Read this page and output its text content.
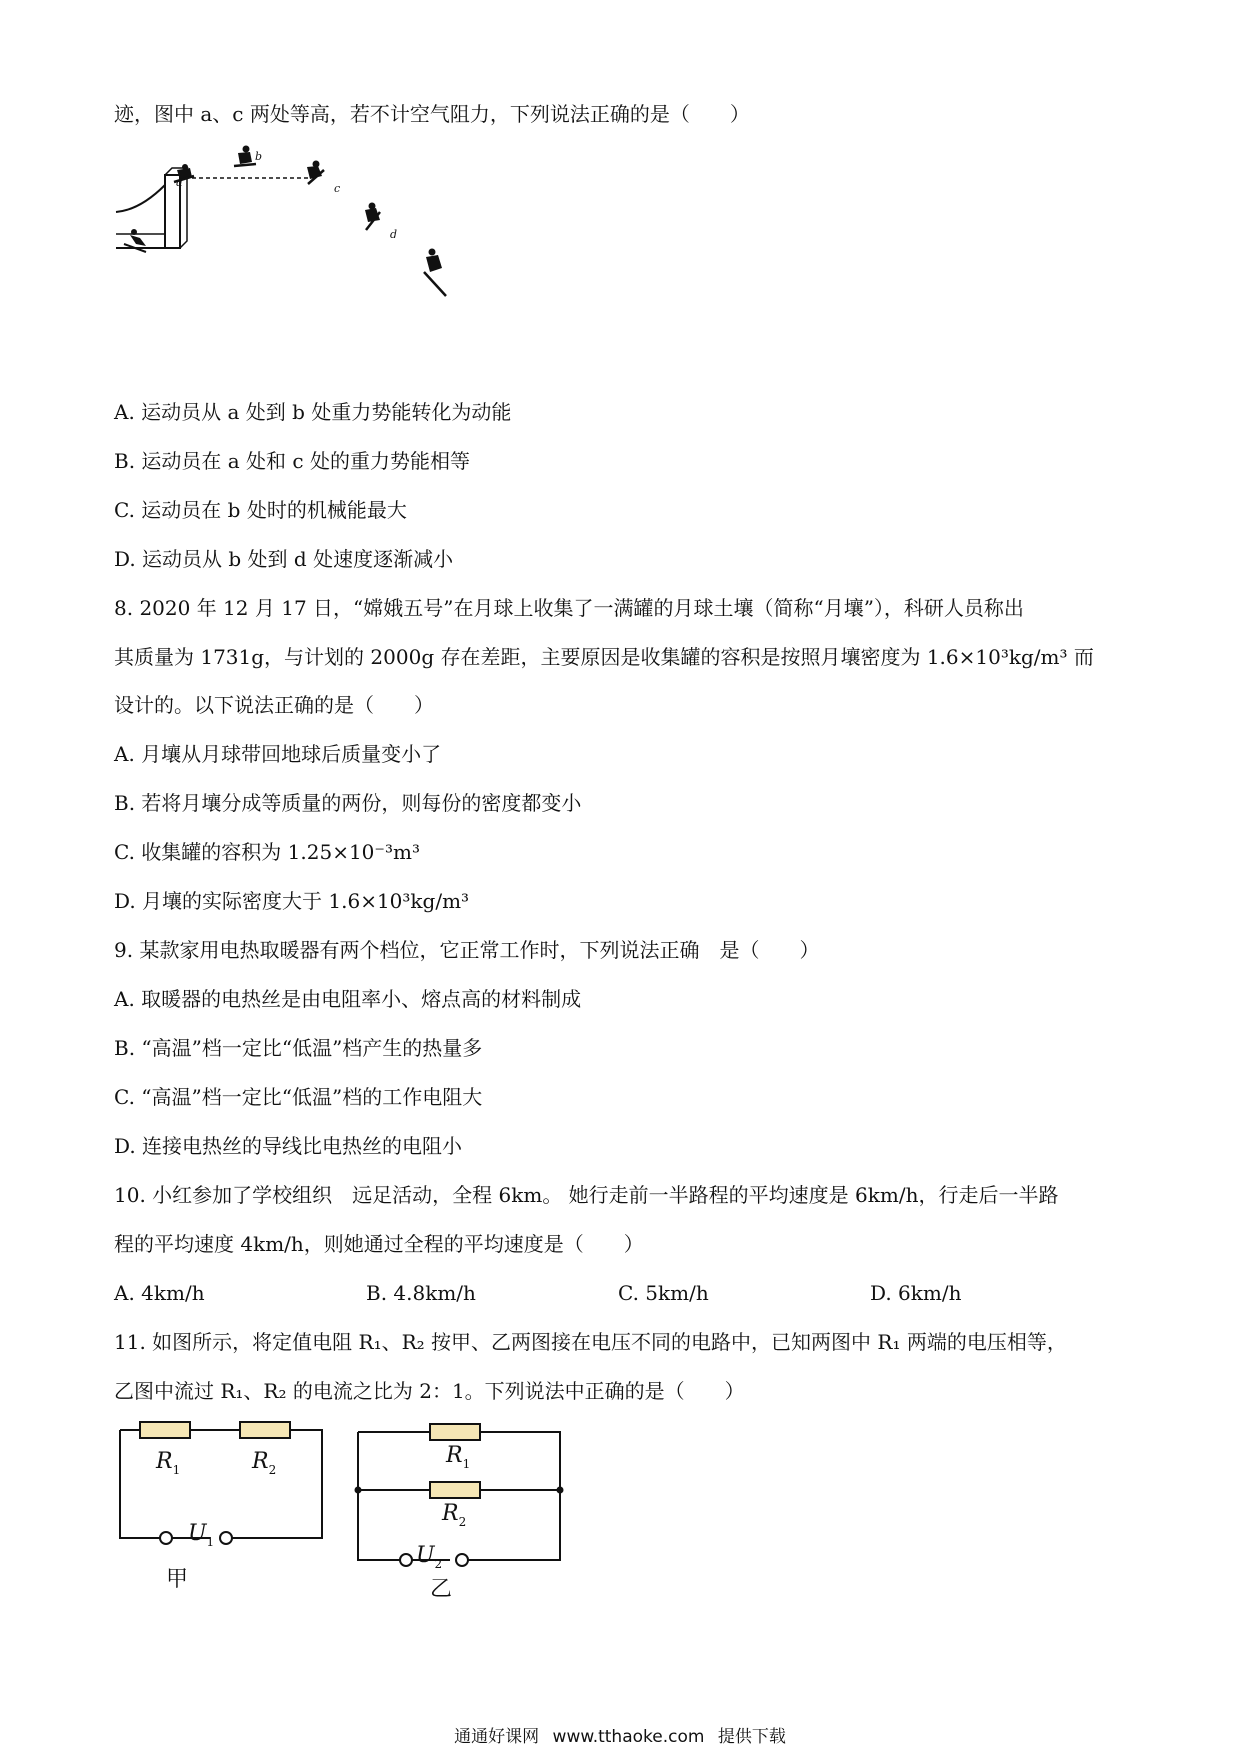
迹，图中 a、c 两处等高，若不计空气阻力，下列说法正确的是（　　）
a
b
c
d
A. 运动员从 a 处到 b 处重力势能转化为动能
B. 运动员在 a 处和 c 处的重力势能相等
C. 运动员在 b 处时的机械能最大
D. 运动员从 b 处到 d 处速度逐渐减小
8. 2020 年 12 月 17 日，“嫦娥五号”在月球上收集了一满罐的月球土壤（简称“月壤”），科研人员称出
其质量为 1731g，与计划的 2000g 存在差距，主要原因是收集罐的容积是按照月壤密度为 1.6×10³kg/m³ 而
设计的。以下说法正确的是（　　）
A. 月壤从月球带回地球后质量变小了
B. 若将月壤分成等质量的两份，则每份的密度都变小
C. 收集罐的容积为 1.25×10⁻³m³
D. 月壤的实际密度大于 1.6×10³kg/m³
9. 某款家用电热取暖器有两个档位，它正常工作时，下列说法正确　是（　　）
A. 取暖器的电热丝是由电阻率小、熔点高的材料制成
B. “高温”档一定比“低温”档产生的热量多
C. “高温”档一定比“低温”档的工作电阻大
D. 连接电热丝的导线比电热丝的电阻小
10. 小红参加了学校组织　远足活动，全程 6km。 她行走前一半路程的平均速度是 6km/h，行走后一半路
程的平均速度 4km/h，则她通过全程的平均速度是（　　）
A. 4km/h	B. 4.8km/h	C. 5km/h	D. 6km/h
11. 如图所示，将定值电阻 R₁、R₂ 按甲、乙两图接在电压不同的电路中，已知两图中 R₁ 两端的电压相等，
乙图中流过 R₁、R₂ 的电流之比为 2：1。下列说法中正确的是（　　）
$R_1$	$R_2$
$U_1$
甲
$R_1$
$R_2$
$U_2$
乙
通通好课网 www.tthaoke.com 提供下载
